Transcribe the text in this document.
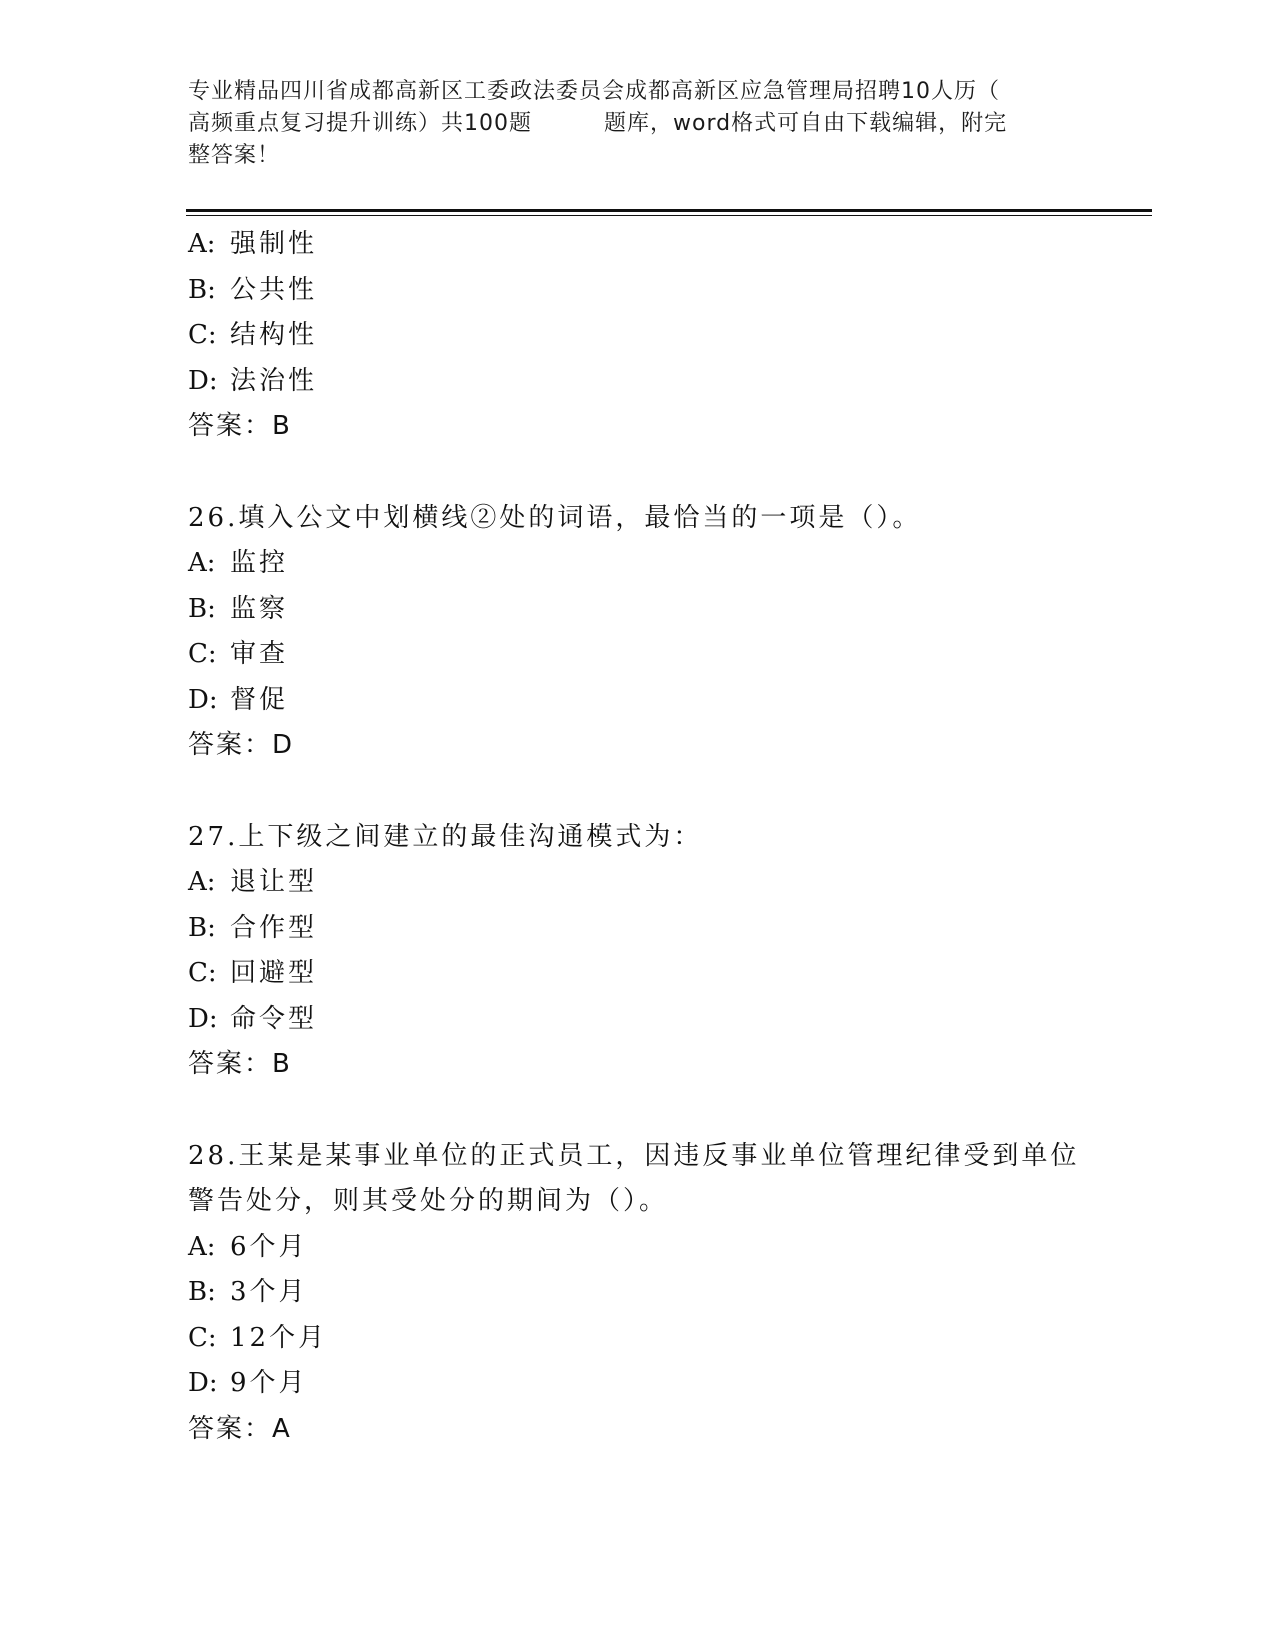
专业精品四川省成都高新区工委政法委员会成都高新区应急管理局招聘10人历（
高频重点复习提升训练）共100题	题库，word格式可自由下载编辑，附完
整答案！
A: 强制性
B: 公共性
C: 结构性
D: 法治性
答案：B
26.填入公文中划横线②处的词语，最恰当的一项是（）。
A: 监控
B: 监察
C: 审查
D: 督促
答案：D
27.上下级之间建立的最佳沟通模式为：
A: 退让型
B: 合作型
C: 回避型
D: 命令型
答案：B
28.王某是某事业单位的正式员工，因违反事业单位管理纪律受到单位
警告处分，则其受处分的期间为（）。
A: 6个月
B: 3个月
C: 12个月
D: 9个月
答案：A
